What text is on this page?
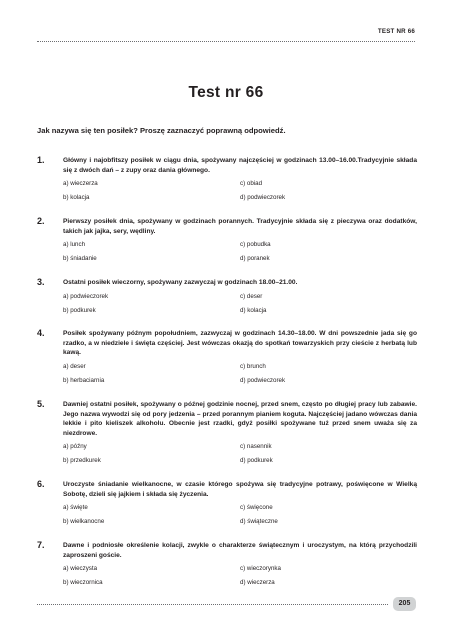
TEST NR 66
Test nr 66
Jak nazywa się ten posiłek? Proszę zaznaczyć poprawną odpowiedź.
1.	Główny i najobfitszy posiłek w ciągu dnia, spożywany najczęściej w godzinach 13.00–16.00.Tradycyjnie składa się z dwóch dań – z zupy oraz dania głównego.
a) wieczerza	c) obiad
b) kolacja	d) podwieczorek
2.	Pierwszy posiłek dnia, spożywany w godzinach porannych. Tradycyjnie składa się z pieczywa oraz dodatków, takich jak jajka, sery, wędliny.
a) lunch	c) pobudka
b) śniadanie	d) poranek
3.	Ostatni posiłek wieczorny, spożywany zazwyczaj w godzinach 18.00–21.00.
a) podwieczorek	c) deser
b) podkurek	d) kolacja
4.	Posiłek spożywany późnym popołudniem, zazwyczaj w godzinach 14.30–18.00. W dni powszednie jada się go rzadko, a w niedziele i święta częściej. Jest wówczas okazją do spotkań towarzyskich przy cieście z herbatą lub kawą.
a) deser	c) brunch
b) herbaciarnia	d) podwieczorek
5.	Dawniej ostatni posiłek, spożywany o późnej godzinie nocnej, przed snem, często po długiej pracy lub zabawie. Jego nazwa wywodzi się od pory jedzenia – przed porannym pianiem koguta. Najczęściej jadano wówczas dania lekkie i pito kieliszek alkoholu. Obecnie jest rzadki, gdyż posiłki spożywane tuż przed snem uważa się za niezdrowe.
a) późny	c) nasennik
b) przedkurek	d) podkurek
6.	Uroczyste śniadanie wielkanocne, w czasie którego spożywa się tradycyjne potrawy, poświęcone w Wielką Sobotę, dzieli się jajkiem i składa się życzenia.
a) święte	c) święcone
b) wielkanocne	d) świąteczne
7.	Dawne i podniosłe określenie kolacji, zwykle o charakterze świątecznym i uroczystym, na którą przychodzili zaproszeni goście.
a) wieczysta	c) wieczorynka
b) wieczornica	d) wieczerza
205
